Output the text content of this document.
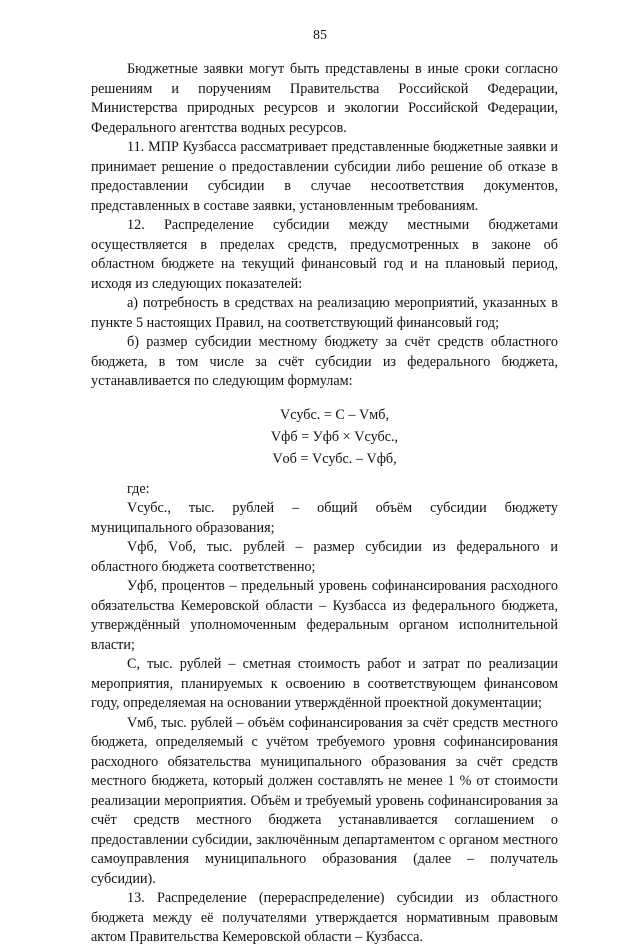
85

Бюджетные заявки могут быть представлены в иные сроки согласно решениям и поручениям Правительства Российской Федерации, Министерства природных ресурсов и экологии Российской Федерации, Федерального агентства водных ресурсов.

11. МПР Кузбасса рассматривает представленные бюджетные заявки и принимает решение о предоставлении субсидии либо решение об отказе в предоставлении субсидии в случае несоответствия документов, представленных в составе заявки, установленным требованиям.

12. Распределение субсидии между местными бюджетами осуществляется в пределах средств, предусмотренных в законе об областном бюджете на текущий финансовый год и на плановый период, исходя из следующих показателей:

а) потребность в средствах на реализацию мероприятий, указанных в пункте 5 настоящих Правил, на соответствующий финансовый год;

б) размер субсидии местному бюджету за счёт средств областного бюджета, в том числе за счёт субсидии из федерального бюджета, устанавливается по следующим формулам:

Vсубс. = С – Vмб,
Vфб = Уфб × Vсубс.,
Vоб = Vсубс. – Vфб,

где:

Vсубс., тыс. рублей – общий объём субсидии бюджету муниципального образования;

Vфб, Vоб, тыс. рублей – размер субсидии из федерального и областного бюджета соответственно;

Уфб, процентов – предельный уровень софинансирования расходного обязательства Кемеровской области – Кузбасса из федерального бюджета, утверждённый уполномоченным федеральным органом исполнительной власти;

С, тыс. рублей – сметная стоимость работ и затрат по реализации мероприятия, планируемых к освоению в соответствующем финансовом году, определяемая на основании утверждённой проектной документации;

Vмб, тыс. рублей – объём софинансирования за счёт средств местного бюджета, определяемый с учётом требуемого уровня софинансирования расходного обязательства муниципального образования за счёт средств местного бюджета, который должен составлять не менее 1 % от стоимости реализации мероприятия. Объём и требуемый уровень софинансирования за счёт средств местного бюджета устанавливается соглашением о предоставлении субсидии, заключённым департаментом с органом местного самоуправления муниципального образования (далее – получатель субсидии).

13. Распределение (перераспределение) субсидии из областного бюджета между её получателями утверждается нормативным правовым актом Правительства Кемеровской области – Кузбасса.
